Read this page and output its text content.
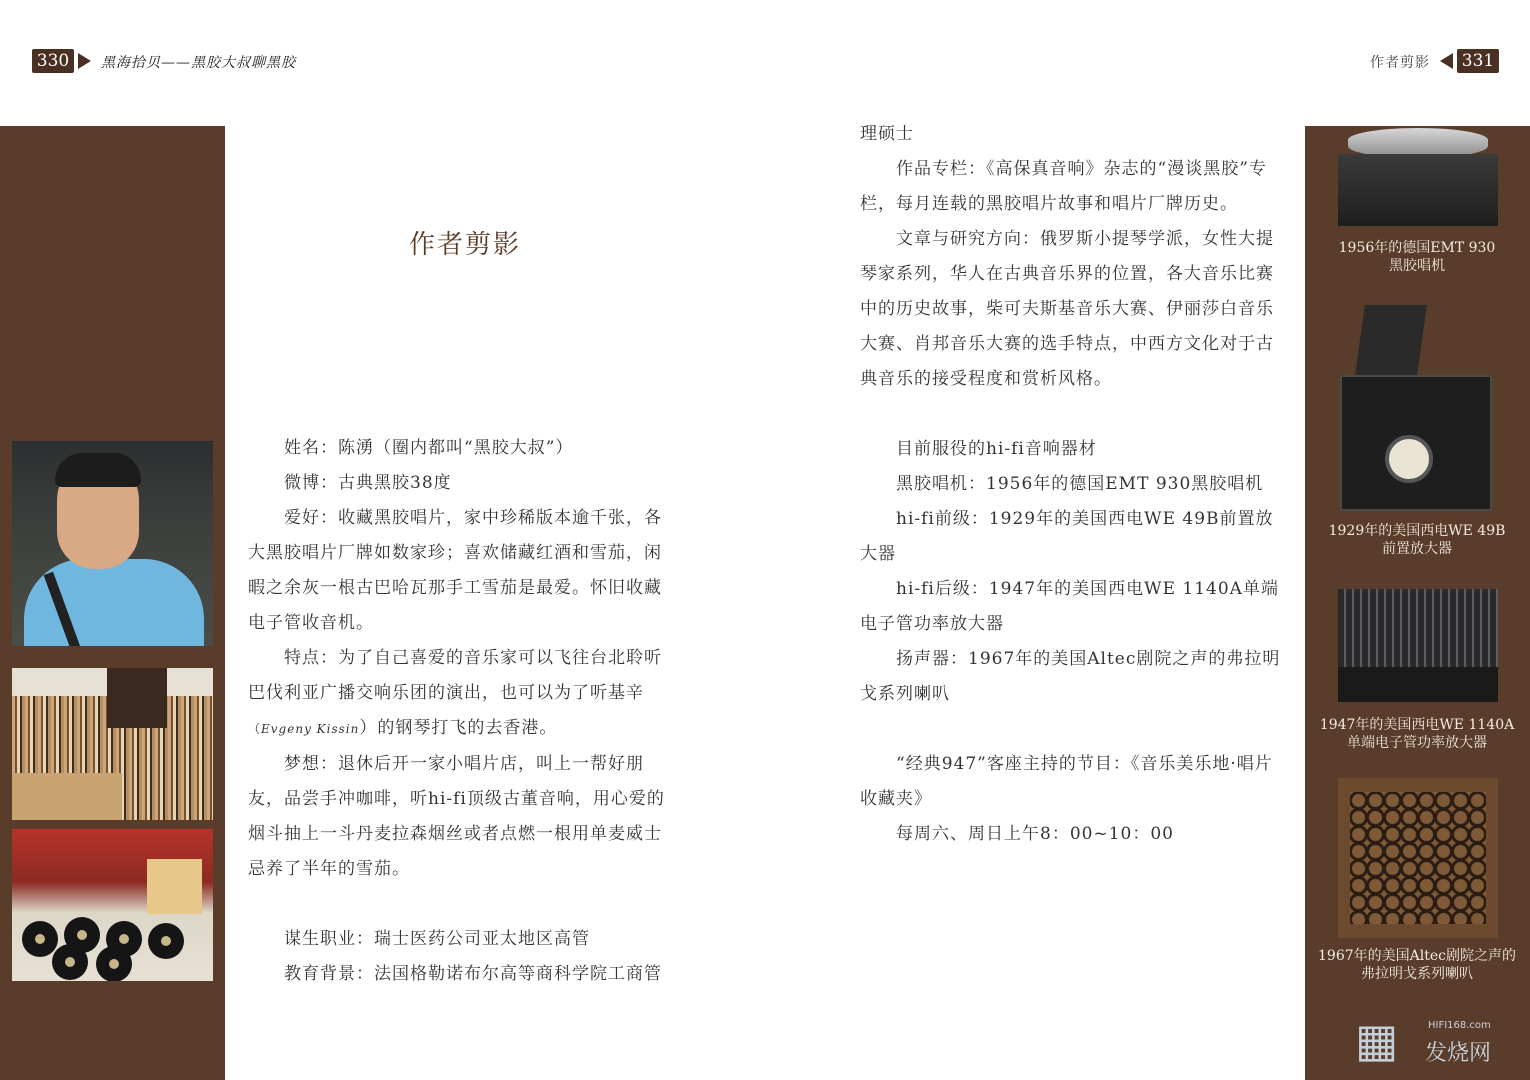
330	黑海拾贝——黑胶大叔聊黑胶	作者剪影 331
作者剪影

姓名：陈湧（圈内都叫“黑胶大叔”）

微博：古典黑胶38度

爱好：收藏黑胶唱片，家中珍稀版本逾千张，各大黑胶唱片厂牌如数家珍；喜欢储藏红酒和雪茄，闲暇之余灰一根古巴哈瓦那手工雪茄是最爱。怀旧收藏电子管收音机。

特点：为了自己喜爱的音乐家可以飞往台北聆听巴伐利亚广播交响乐团的演出，也可以为了听基辛（Evgeny Kissin）的钢琴打飞的去香港。

梦想：退休后开一家小唱片店，叫上一帮好朋友，品尝手冲咖啡，听hi-fi顶级古董音响，用心爱的烟斗抽上一斗丹麦拉森烟丝或者点燃一根用单麦威士忌养了半年的雪茄。

谋生职业：瑞士医药公司亚太地区高管

教育背景：法国格勒诺布尔高等商科学院工商管

理硕士

作品专栏：《高保真音响》杂志的“漫谈黑胶”专栏，每月连载的黑胶唱片故事和唱片厂牌历史。

文章与研究方向：俄罗斯小提琴学派，女性大提琴家系列，华人在古典音乐界的位置，各大音乐比赛中的历史故事，柴可夫斯基音乐大赛、伊丽莎白音乐大赛、肖邦音乐大赛的选手特点，中西方文化对于古典音乐的接受程度和赏析风格。

目前服役的hi-fi音响器材

黑胶唱机：1956年的德国EMT 930黑胶唱机

hi-fi前级：1929年的美国西电WE 49B前置放大器

hi-fi后级：1947年的美国西电WE 1140A单端电子管功率放大器

扬声器：1967年的美国Altec剧院之声的弗拉明戈系列喇叭

“经典947”客座主持的节目：《音乐美乐地·唱片收藏夹》

每周六、周日上午8：00~10：00

1956年的德国EMT 930
黑胶唱机
1929年的美国西电WE 49B
前置放大器
1947年的美国西电WE 1140A
单端电子管功率放大器
1967年的美国Altec剧院之声的
弗拉明戈系列喇叭
▦	HIFI168.com
发烧网
